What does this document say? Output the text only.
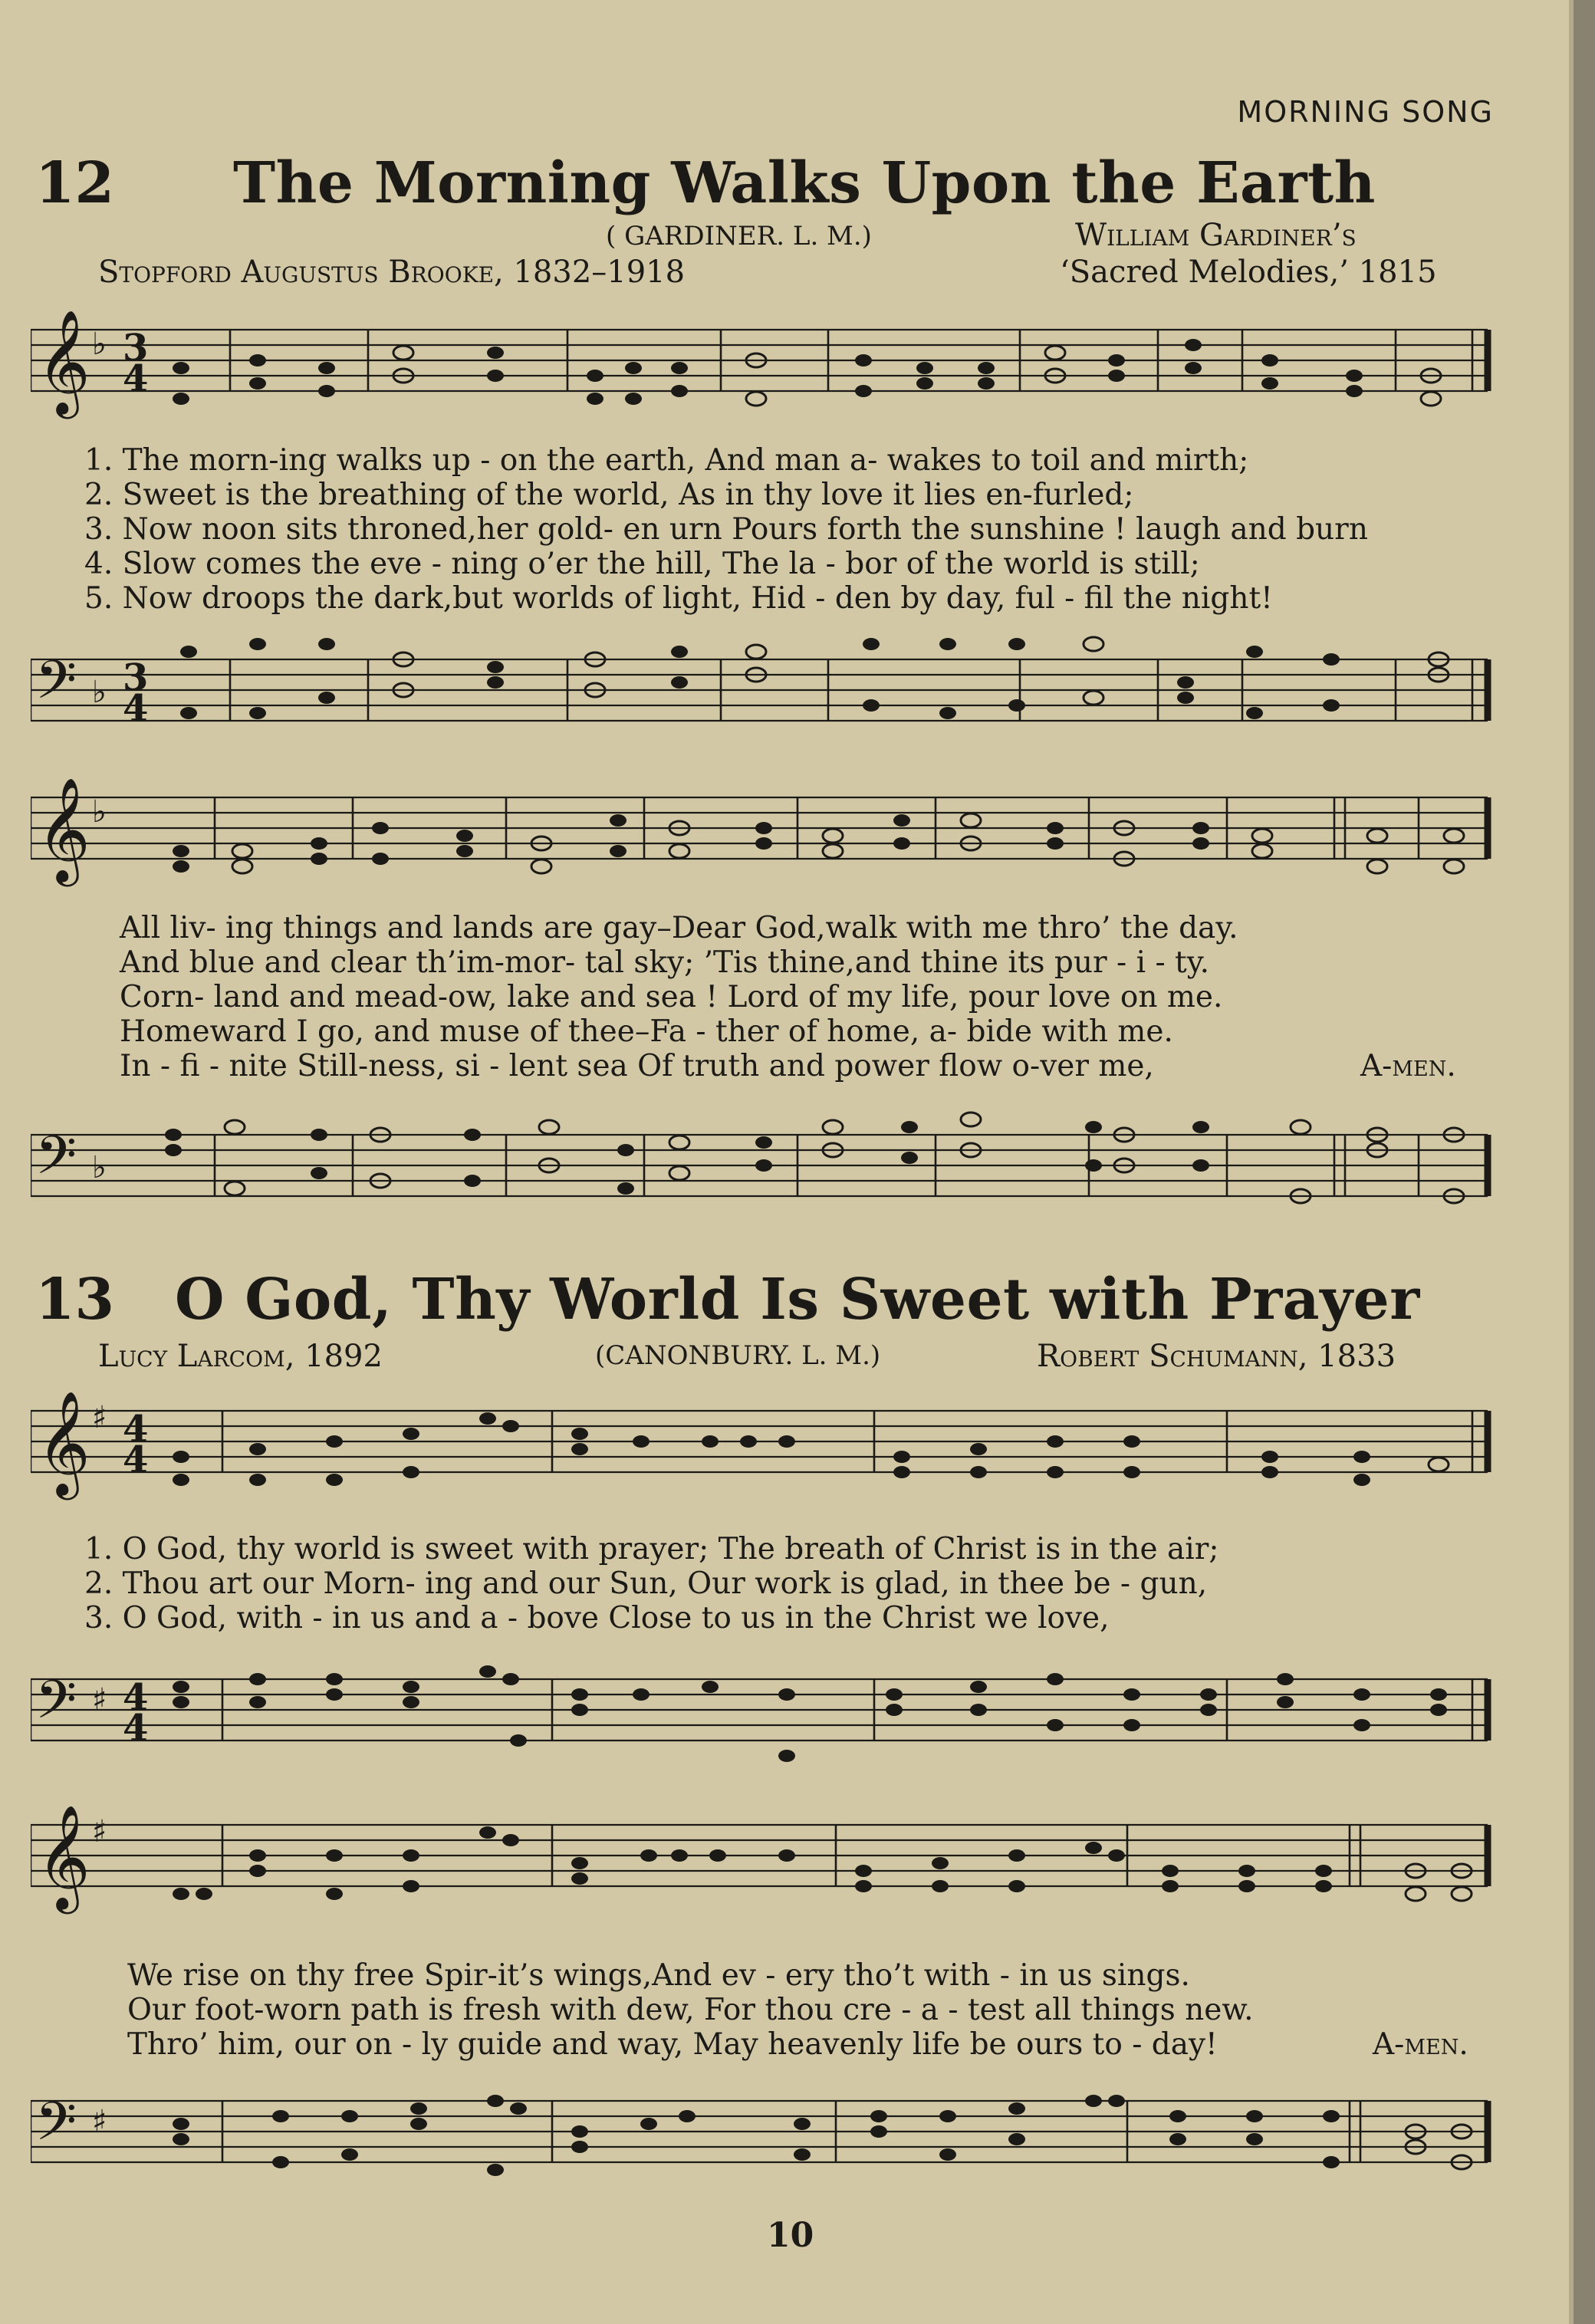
MORNING SONG
12 The Morning Walks Upon the Earth
( GARDINER. L. M.)	William Gardiner’s
Stopford Augustus Brooke, 1832–1918	‘Sacred Melodies,’ 1815
𝄞 ♭ 3
4
1. The morn-ing walks up - on the earth, And man a- wakes to toil and mirth;
2. Sweet is the breathing of the world, As in thy love it lies en-furled;
3. Now noon sits throned,her gold- en urn Pours forth the sunshine ! laugh and burn
4. Slow comes the eve - ning o’er the hill, The la - bor of the world is still;
5. Now droops the dark,but worlds of light, Hid - den by day, ful - fil the night!
𝄢 ♭ 3
4
𝄞 ♭
All liv- ing things and lands are gay–Dear God,walk with me thro’ the day.
And blue and clear th’im-mor- tal sky; ’Tis thine,and thine its pur - i - ty.
Corn- land and mead-ow, lake and sea ! Lord of my life, pour love on me.
Homeward I go, and muse of thee–Fa - ther of home, a- bide with me.
In - fi - nite Still-ness, si - lent sea Of truth and power flow o-ver me,	A-men.
𝄢 ♭
13 O God, Thy World Is Sweet with Prayer
Lucy Larcom, 1892	(CANONBURY. L. M.)	Robert Schumann, 1833
𝄞 ♯ 4
4
1. O God, thy world is sweet with prayer; The breath of Christ is in the air;
2. Thou art our Morn- ing and our Sun, Our work is glad, in thee be - gun,
3. O God, with - in us and a - bove Close to us in the Christ we love,
𝄢 ♯ 4
4
𝄞 ♯
We rise on thy free Spir-it’s wings,And ev - ery tho’t with - in us sings.
Our foot-worn path is fresh with dew, For thou cre - a - test all things new.
Thro’ him, our on - ly guide and way, May heavenly life be ours to - day!	A-men.
𝄢 ♯
10
